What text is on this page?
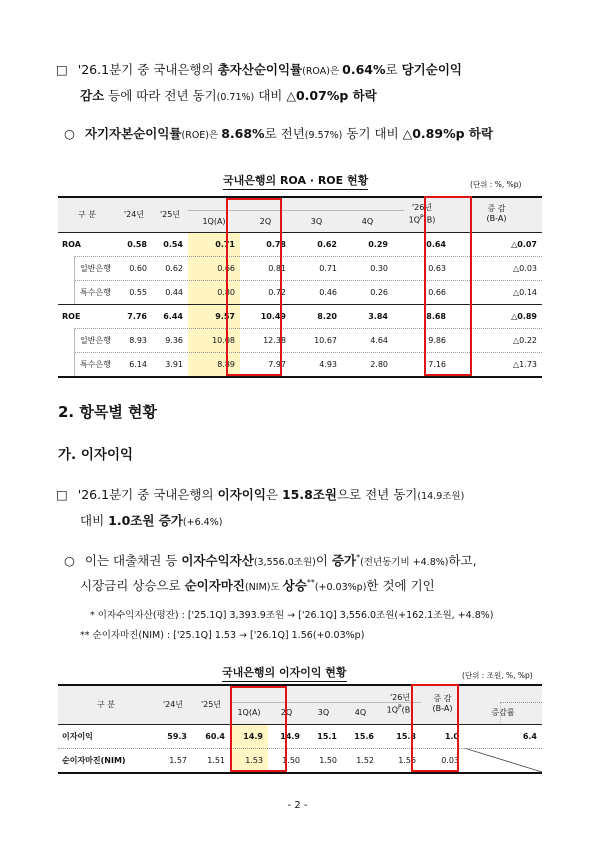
□ '26.1분기 중 국내은행의 총자산순이익률(ROA)은 0.64%로 당기순이익
감소 등에 따라 전년 동기(0.71%) 대비 △0.07%p 하락
○ 자기자본순이익률(ROE)은 8.68%로 전년(9.57%) 동기 대비 △0.89%p 하락
국내은행의 ROA · ROE 현황	(단위 : %, %p)
구 분	'24년	'25년	1Q(A)	2Q	3Q	4Q	'26년
$1Q^P(B)$	증 감
(B-A)
ROA	0.58	0.54	0.71	0.78	0.62	0.29	0.64	△0.07
일반은행	0.60	0.62	0.66	0.81	0.71	0.30	0.63	△0.03
특수은행	0.55	0.44	0.80	0.72	0.46	0.26	0.66	△0.14
ROE	7.76	6.44	9.57	10.49	8.20	3.84	8.68	△0.89
일반은행	8.93	9.36	10.08	12.38	10.67	4.64	9.86	△0.22
특수은행	6.14	3.91	8.89	7.97	4.93	2.80	7.16	△1.73
2. 항목별 현황
가. 이자이익
□ '26.1분기 중 국내은행의 이자이익은 15.8조원으로 전년 동기(14.9조원)
대비 1.0조원 증가(+6.4%)
○ 이는 대출채권 등 이자수익자산(3,556.0조원)이 증가*(전년동기비 +4.8%)하고,
시장금리 상승으로 순이자마진(NIM)도 상승**(+0.03%p)한 것에 기인
* 이자수익자산(평잔) : ['25.1Q] 3,393.9조원 → ['26.1Q] 3,556.0조원(+162.1조원, +4.8%)
** 순이자마진(NIM) : ['25.1Q] 1.53 → ['26.1Q] 1.56(+0.03%p)
국내은행의 이자이익 현황	(단위 : 조원, %, %p)
구 분	'24년	'25년	1Q(A)	2Q	3Q	4Q	'26년
$1Q^P(B)$	증 감
(B-A)	증감률
이자이익	59.3	60.4	14.9	14.9	15.1	15.6	15.8	1.0	6.4
순이자마진(NIM)	1.57	1.51	1.53	1.50	1.50	1.52	1.56	0.03	
- 2 -
